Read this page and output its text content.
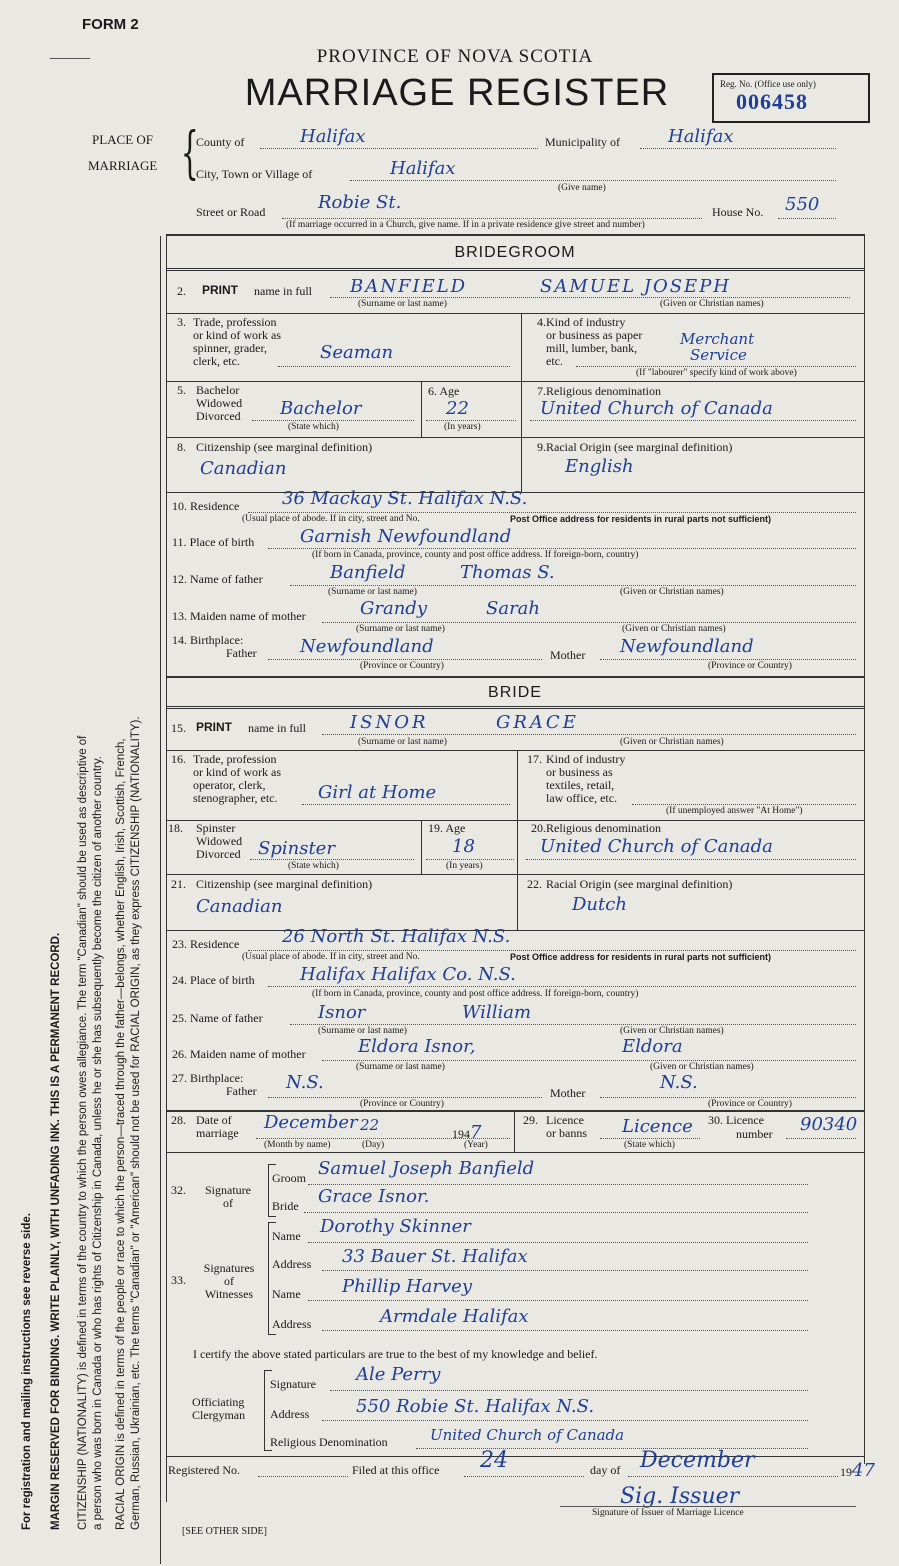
For registration and mailing instructions see reverse side. MARGIN RESERVED FOR BINDING. WRITE PLAINLY, WITH UNFADING INK. THIS IS A PERMANENT RECORD. CITIZENSHIP (NATIONALITY) is defined in terms of the country to which the person owes allegiance. The term "Canadian" should be used as descriptive of a person who was born in Canada or who has rights of Citizenship in Canada, unless he or she has subsequently become the citizen of another country. RACIAL ORIGIN is defined in terms of the people or race to which the person—traced through the father—belongs, whether English, Irish, Scottish, French, German, Russian, Ukrainian, etc. The terms "Canadian" or "American" should not be used for RACIAL ORIGIN, as they express CITIZENSHIP (NATIONALITY).
FORM 2
PROVINCE OF NOVA SCOTIA
MARRIAGE REGISTER	Reg. No. (Office use only)
006458
PLACE OF
MARRIAGE {
County of	Halifax	Municipality of	Halifax
City, Town or Village of	Halifax
(Give name)
Street or Road	Robie St.	House No. 550
(If marriage occurred in a Church, give name. If in a private residence give street and number)
BRIDEGROOM
2. PRINT name in full BANFIELD	SAMUEL JOSEPH
(Surname or last name)	(Given or Christian names)
3. Trade, profession
or kind of work as
spinner, grader,
clerk, etc.	Seaman
4. Kind of industry
or business as paper
mill, lumber, bank,
etc.
Merchant
Service
(If "labourer" specify kind of work above)
5. Bachelor
Widowed
Divorced Bachelor
(State which)
6. Age
22
(In years)
7. Religious denomination
United Church of Canada
8. Citizenship (see marginal definition)
Canadian
9. Racial Origin (see marginal definition)
English
10. Residence 36 Mackay St. Halifax N.S.
(Usual place of abode. If in city, street and No.	Post Office address for residents in rural parts not sufficient)
11. Place of birth	Garnish Newfoundland
(If born in Canada, province, county and post office address. If foreign-born, country)
12. Name of father	Banfield	Thomas S.
(Surname or last name)	(Given or Christian names)
13. Maiden name of mother	Grandy	Sarah
(Surname or last name)	(Given or Christian names)
14. Birthplace:
Father Newfoundland
(Province or Country)
Mother Newfoundland
(Province or Country)
BRIDE
15. PRINT name in full ISNOR	GRACE
(Surname or last name)	(Given or Christian names)
16. Trade, profession
or kind of work as
operator, clerk,
stenographer, etc. Girl at Home
17. Kind of industry
or business as
textiles, retail,
law office, etc.
(If unemployed answer "At Home")
18. Spinster
Widowed
Divorced Spinster
(State which)
19. Age
18
(In years)
20. Religious denomination
United Church of Canada
21. Citizenship (see marginal definition)
Canadian
22. Racial Origin (see marginal definition)
Dutch
23. Residence 26 North St. Halifax N.S.
(Usual place of abode. If in city, street and No.	Post Office address for residents in rural parts not sufficient)
24. Place of birth	Halifax Halifax Co. N.S.
(If born in Canada, province, county and post office address. If foreign-born, country)
25. Name of father	Isnor	William
(Surname or last name)	(Given or Christian names)
26. Maiden name of mother	Eldora Isnor,	Eldora
(Surname or last name)	(Given or Christian names)
27. Birthplace:
Father N.S.
(Province or Country)
Mother	N.S.
(Province or Country)
28. Date of
marriage December 22	1947
(Month by name)	(Day)	(Year)
29. Licence
or banns Licence
(State which)
30. Licence
number 90340
32. Signature
of
Groom Samuel Joseph Banfield
Bride Grace Isnor.
33.
Signatures
of
Witnesses
Name Dorothy Skinner
Address 33 Bauer St. Halifax
Name Phillip Harvey
Address	Armdale Halifax
I certify the above stated particulars are true to the best of my knowledge and belief.
Officiating
Clergyman
Signature Ale Perry
Address	550 Robie St. Halifax N.S.
Religious Denomination	United Church of Canada
Registered No.	Filed at this office 24	day of December	1947
Sig. Issuer
Signature of Issuer of Marriage Licence
[SEE OTHER SIDE]
